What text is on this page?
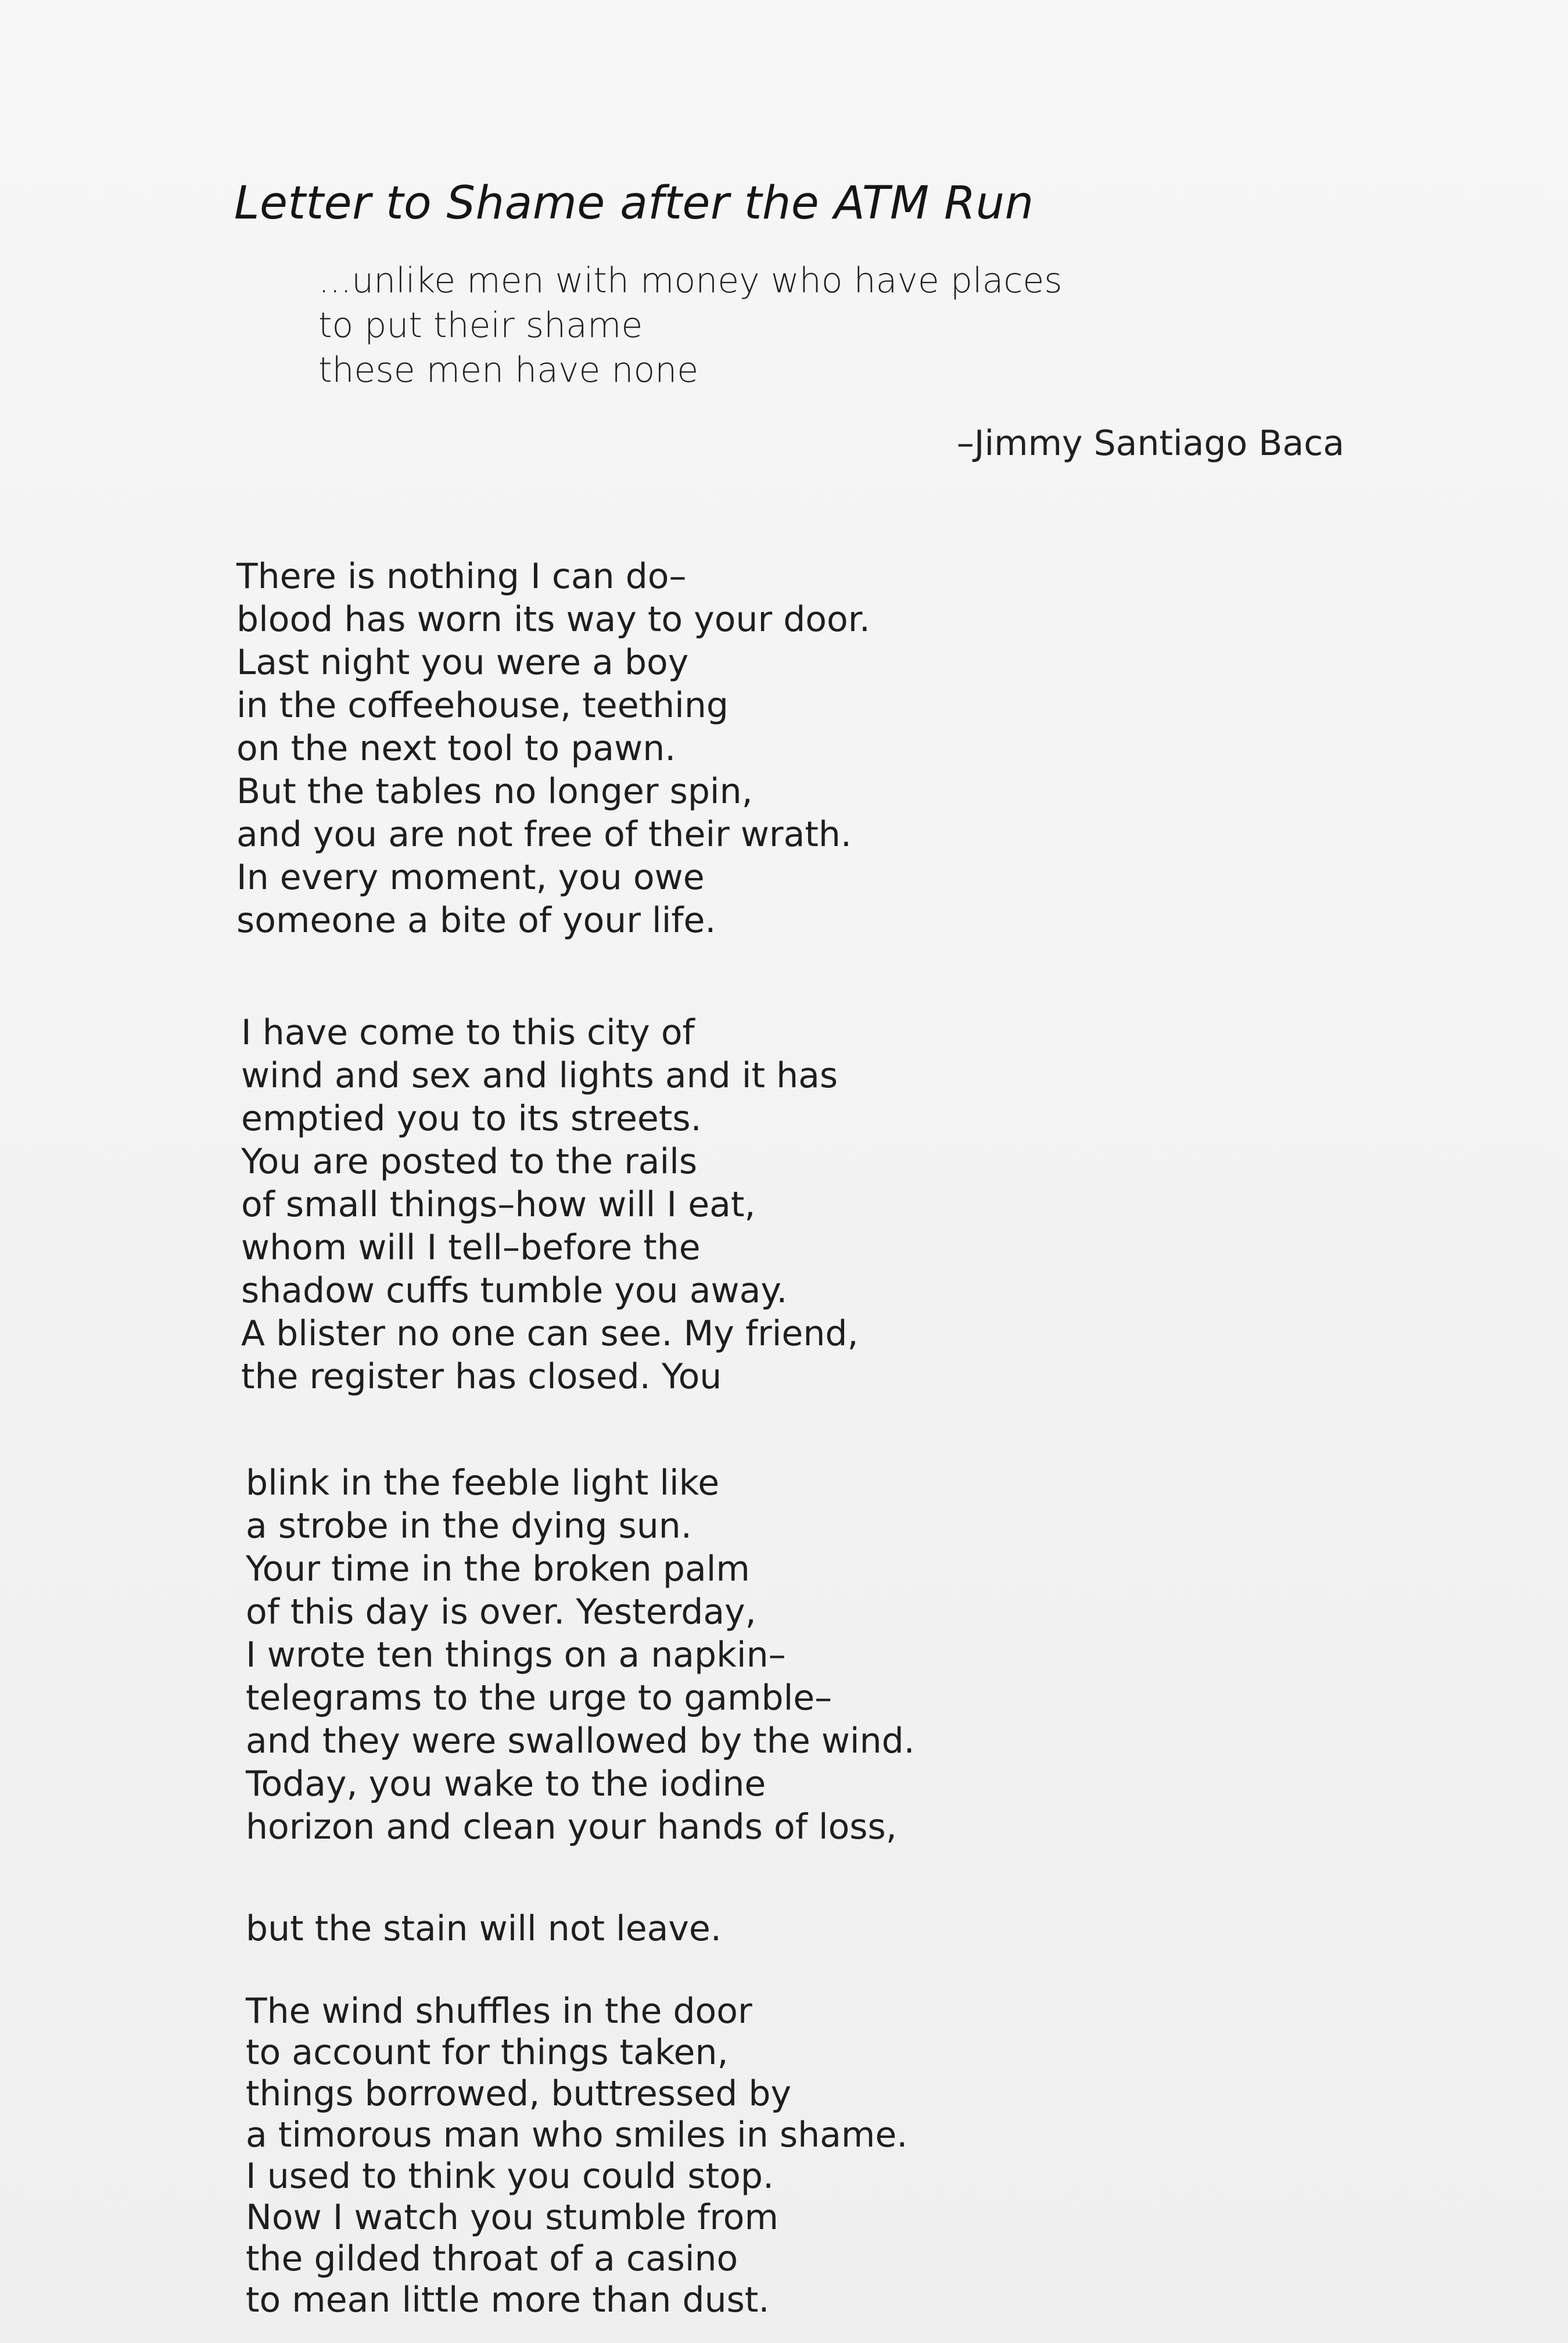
Letter to Shame after the ATM Run
...unlike men with money who have places
to put their shame
these men have none
–Jimmy Santiago Baca
There is nothing I can do–
blood has worn its way to your door.
Last night you were a boy
in the coffeehouse, teething
on the next tool to pawn.
But the tables no longer spin,
and you are not free of their wrath.
In every moment, you owe
someone a bite of your life.
I have come to this city of
wind and sex and lights and it has
emptied you to its streets.
You are posted to the rails
of small things–how will I eat,
whom will I tell–before the
shadow cuffs tumble you away.
A blister no one can see. My friend,
the register has closed. You
blink in the feeble light like
a strobe in the dying sun.
Your time in the broken palm
of this day is over. Yesterday,
I wrote ten things on a napkin–
telegrams to the urge to gamble–
and they were swallowed by the wind.
Today, you wake to the iodine
horizon and clean your hands of loss,
but the stain will not leave.
The wind shuffles in the door
to account for things taken,
things borrowed, buttressed by
a timorous man who smiles in shame.
I used to think you could stop.
Now I watch you stumble from
the gilded throat of a casino
to mean little more than dust.
